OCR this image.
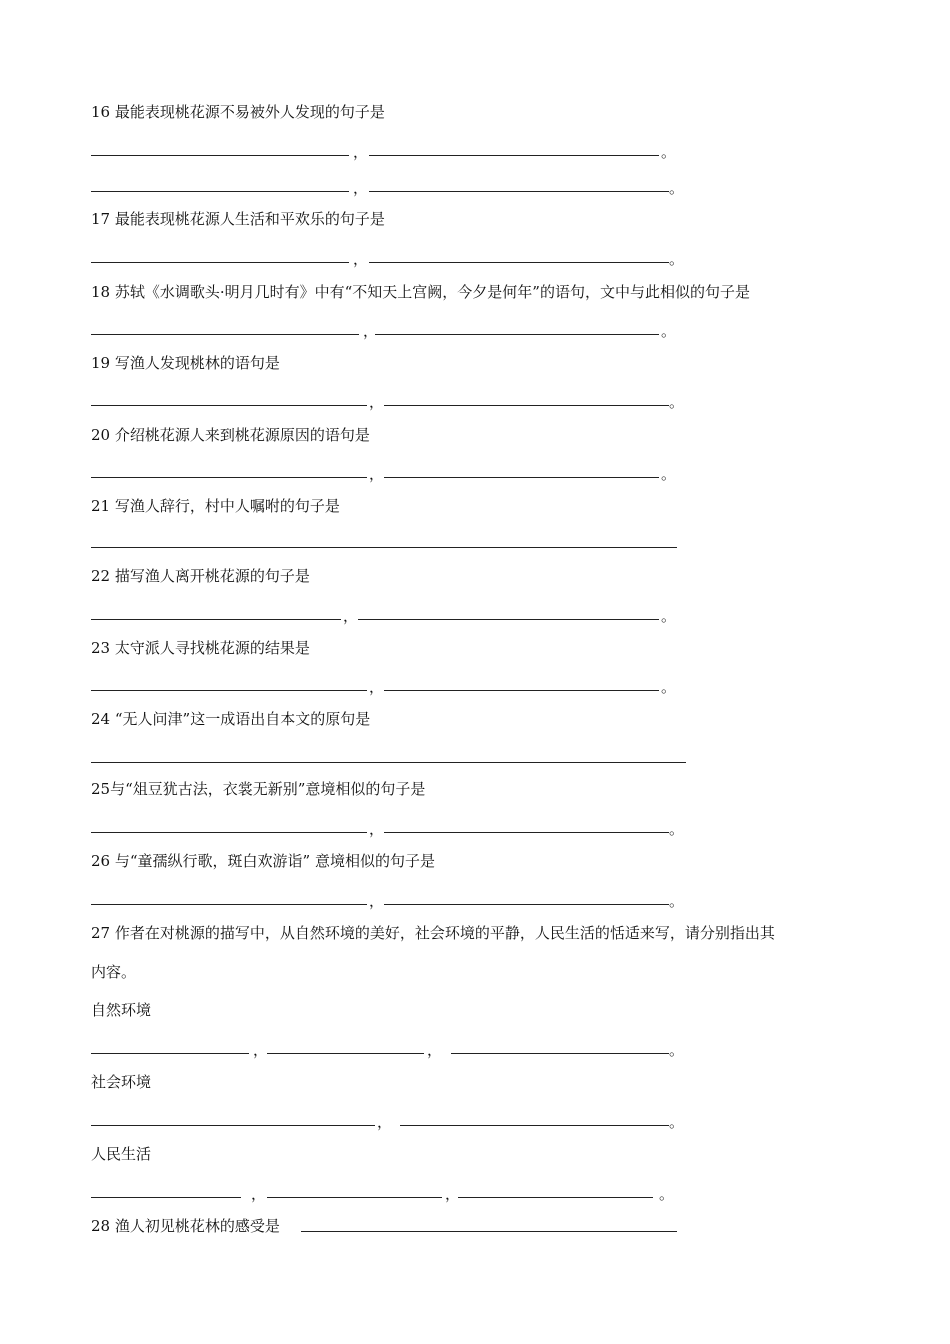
16 最能表现桃花源不易被外人发现的句子是
，	。
，	。
17 最能表现桃花源人生活和平欢乐的句子是
，	。
18 苏轼《水调歌头·明月几时有》中有“不知天上宫阙，今夕是何年”的语句，文中与此相似的句子是
，	。
19 写渔人发现桃林的语句是
，	。
20 介绍桃花源人来到桃花源原因的语句是
，	。
21 写渔人辞行，村中人嘱咐的句子是
22 描写渔人离开桃花源的句子是
，	。
23 太守派人寻找桃花源的结果是
，	。
24 “无人问津”这一成语出自本文的原句是
25与“俎豆犹古法，衣裳无新别”意境相似的句子是
，	。
26 与“童孺纵行歌，斑白欢游诣” 意境相似的句子是
，	。
27 作者在对桃源的描写中，从自然环境的美好，社会环境的平静，人民生活的恬适来写，请分别指出其
内容。
自然环境
，	，	。
社会环境
，	。
人民生活
，	，	。
28 渔人初见桃花林的感受是
